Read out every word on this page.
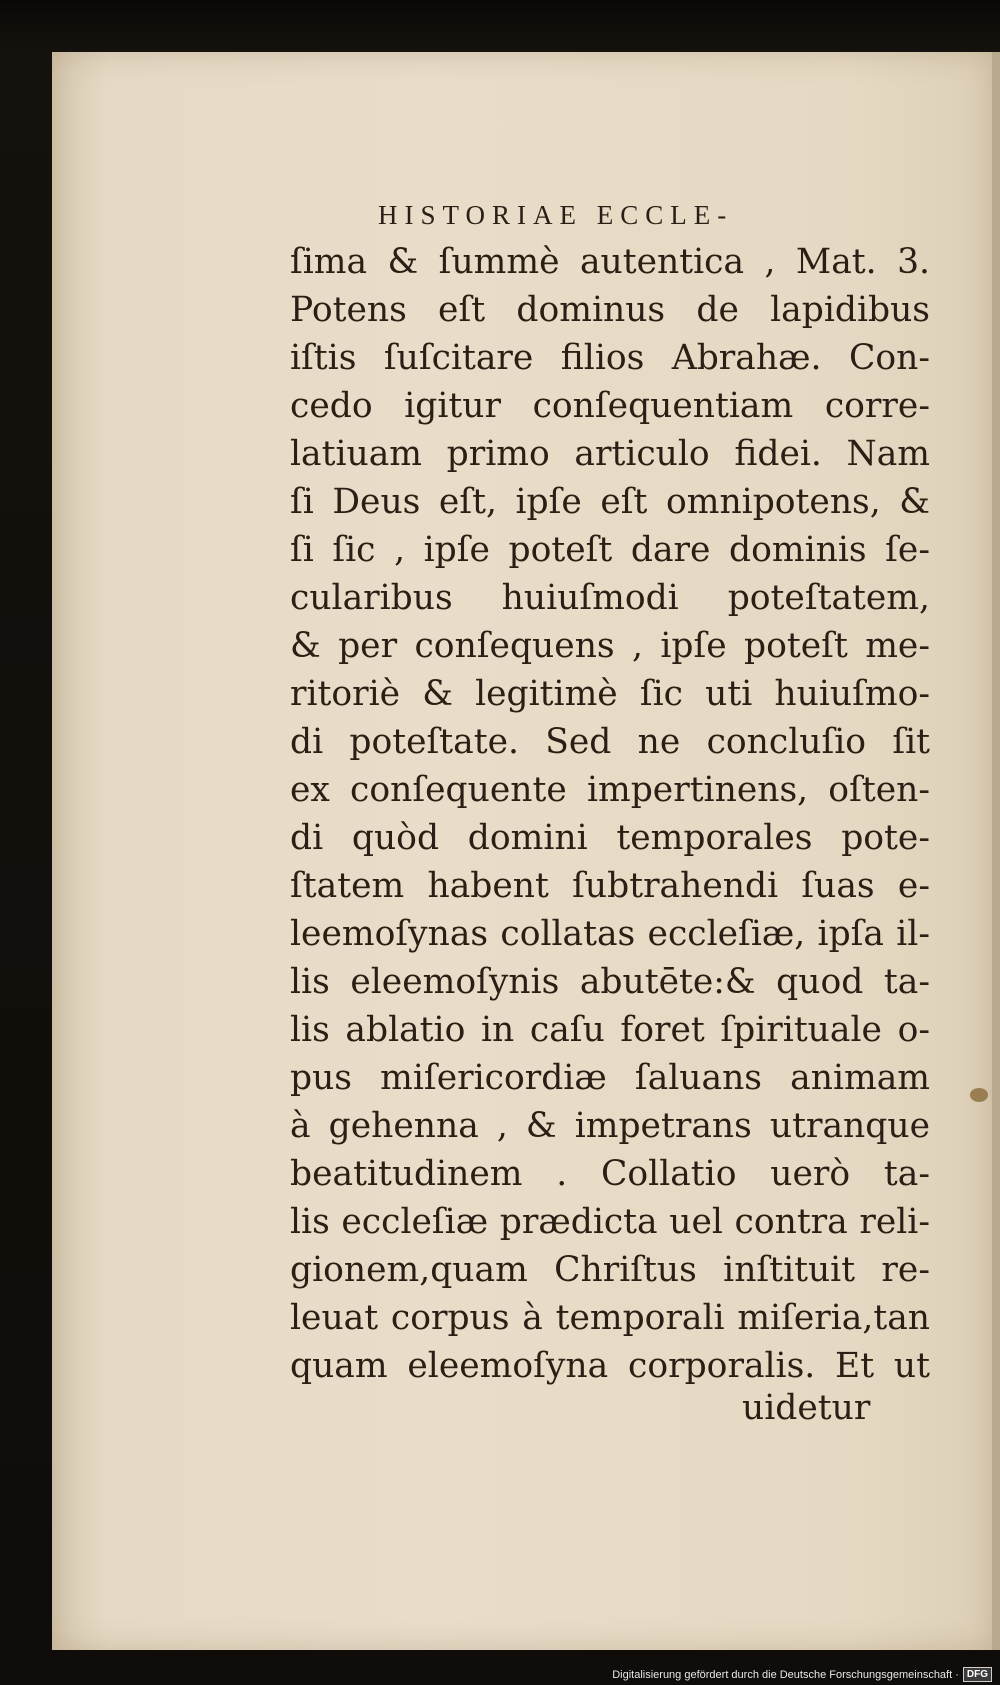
HISTORIAE ECCLE-
ſima & ſummè autentica , Mat. 3.
Potens eſt dominus de lapidibus
iſtis ſuſcitare filios Abrahæ. Con-
cedo igitur conſequentiam corre-
latiuam primo articulo fidei. Nam
ſi Deus eſt, ipſe eſt omnipotens, &
ſi ſic , ipſe poteſt dare dominis ſe-
cularibus huiuſmodi poteſtatem,
& per conſequens , ipſe poteſt me-
ritoriè & legitimè ſic uti huiuſmo-
di poteſtate. Sed ne concluſio ſit
ex conſequente impertinens, oſten-
di quòd domini temporales pote-
ſtatem habent ſubtrahendi ſuas e-
leemoſynas collatas eccleſiæ, ipſa il-
lis eleemoſynis abutēte:& quod ta-
lis ablatio in caſu foret ſpirituale o-
pus miſericordiæ ſaluans animam
à gehenna , & impetrans utranque
beatitudinem . Collatio uerò ta-
lis eccleſiæ prædicta uel contra reli-
gionem,quam Chriſtus inſtituit re-
leuat corpus à temporali miſeria,tan
quam eleemoſyna corporalis. Et ut
uidetur
Digitalisierung gefördert durch die Deutsche Forschungsgemeinschaft · DFG
